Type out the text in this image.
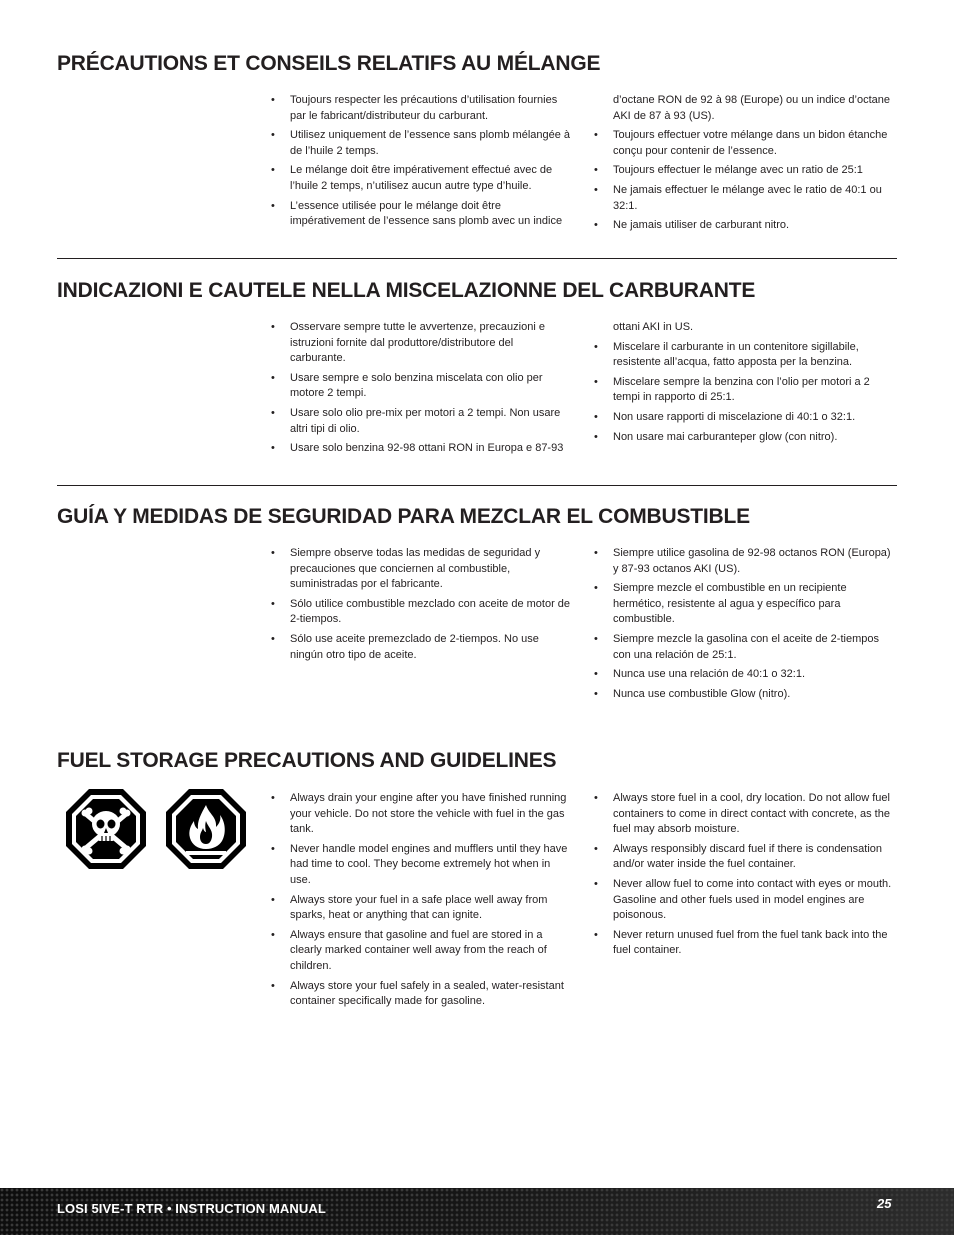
PRÉCAUTIONS ET CONSEILS RELATIFS AU MÉLANGE
• Toujours respecter les précautions d’utilisation fournies par le fabricant/distributeur du carburant.
• Utilisez uniquement de l’essence sans plomb mélangée à de l’huile 2 temps.
• Le mélange doit être impérativement effectué avec de l’huile 2 temps, n’utilisez aucun autre type d’huile.
• L’essence utilisée pour le mélange doit être impérativement de l’essence sans plomb avec un indice
d’octane RON de 92 à 98 (Europe) ou un indice d’octane AKI de 87 à 93 (US).
• Toujours effectuer votre mélange dans un bidon étanche conçu pour contenir de l’essence.
• Toujours effectuer le mélange avec un ratio de 25:1
• Ne jamais effectuer le mélange avec le ratio de 40:1 ou 32:1.
• Ne jamais utiliser de carburant nitro.
INDICAZIONI E CAUTELE NELLA MISCELAZIONNE DEL CARBURANTE
• Osservare sempre tutte le avvertenze, precauzioni e istruzioni fornite dal produttore/distributore del carburante.
• Usare sempre e solo benzina miscelata con olio per motore 2 tempi.
• Usare solo olio pre-mix per motori a 2 tempi. Non usare altri tipi di olio.
• Usare solo benzina 92-98 ottani RON in Europa e 87-93
ottani AKI in US.
• Miscelare il carburante in un contenitore sigillabile, resistente all’acqua, fatto apposta per la benzina.
• Miscelare sempre la benzina con l’olio per motori a 2 tempi in rapporto di 25:1.
• Non usare rapporti di miscelazione di 40:1 o 32:1.
• Non usare mai carburanteper glow (con nitro).
GUÍA Y MEDIDAS DE SEGURIDAD PARA MEZCLAR EL COMBUSTIBLE
• Siempre observe todas las medidas de seguridad y precauciones que conciernen al combustible, suministradas por el fabricante.
• Sólo utilice combustible mezclado con aceite de motor de 2-tiempos.
• Sólo use aceite premezclado de 2-tiempos. No use ningún otro tipo de aceite.
• Siempre utilice gasolina de 92-98 octanos RON (Europa) y 87-93 octanos AKI (US).
• Siempre mezcle el combustible en un recipiente hermético, resistente al agua y específico para combustible.
• Siempre mezcle la gasolina con el aceite de 2-tiempos con una relación de 25:1.
• Nunca use una relación de 40:1 o 32:1.
• Nunca use combustible Glow (nitro).
FUEL STORAGE PRECAUTIONS AND GUIDELINES
• Always drain your engine after you have finished running your vehicle. Do not store the vehicle with fuel in the gas tank.
• Never handle model engines and mufflers until they have had time to cool. They become extremely hot when in use.
• Always store your fuel in a safe place well away from sparks, heat or anything that can ignite.
• Always ensure that gasoline and fuel are stored in a clearly marked container well away from the reach of children.
• Always store your fuel safely in a sealed, water-resistant container specifically made for gasoline.
• Always store fuel in a cool, dry location. Do not allow fuel containers to come in direct contact with concrete, as the fuel may absorb moisture.
• Always responsibly discard fuel if there is condensation and/or water inside the fuel container.
• Never allow fuel to come into contact with eyes or mouth. Gasoline and other fuels used in model engines are poisonous.
• Never return unused fuel from the fuel tank back into the fuel container.
LOSI 5IVE-T RTR • INSTRUCTION MANUAL	25
